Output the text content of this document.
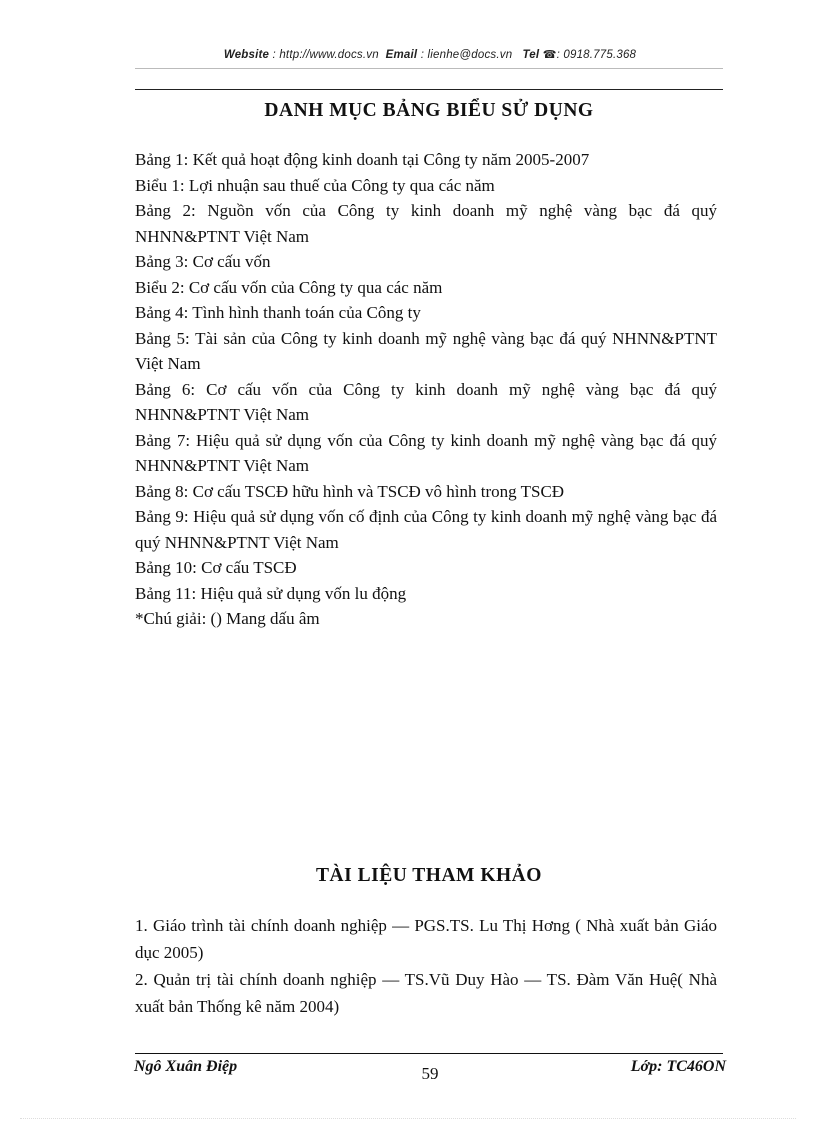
Website : http://www.docs.vn Email : lienhe@docs.vn Tel ☎: 0918.775.368
DANH MỤC BẢNG BIỂU SỬ DỤNG

Bảng 1: Kết quả hoạt động kinh doanh tại Công ty năm 2005-2007

Biểu 1: Lợi nhuận sau thuế của Công ty qua các năm

Bảng 2: Nguồn vốn của Công ty kinh doanh mỹ nghệ vàng bạc đá quý NHNN&PTNT Việt Nam

Bảng 3: Cơ cấu vốn

Biểu 2: Cơ cấu vốn của Công ty qua các năm

Bảng 4: Tình hình thanh toán của Công ty

Bảng 5: Tài sản của Công ty kinh doanh mỹ nghệ vàng bạc đá quý NHNN&PTNT Việt Nam

Bảng 6: Cơ cấu vốn của Công ty kinh doanh mỹ nghệ vàng bạc đá quý NHNN&PTNT Việt Nam

Bảng 7: Hiệu quả sử dụng vốn của Công ty kinh doanh mỹ nghệ vàng bạc đá quý NHNN&PTNT Việt Nam

Bảng 8: Cơ cấu TSCĐ hữu hình và TSCĐ vô hình trong TSCĐ

Bảng 9: Hiệu quả sử dụng vốn cố định của Công ty kinh doanh mỹ nghệ vàng bạc đá quý NHNN&PTNT Việt Nam

Bảng 10: Cơ cấu TSCĐ

Bảng 11: Hiệu quả sử dụng vốn lu động

*Chú giải: () Mang dấu âm

TÀI LIỆU THAM KHẢO

1. Giáo trình tài chính doanh nghiệp — PGS.TS. Lu Thị Hơng ( Nhà xuất bản Giáo dục 2005)

2. Quản trị tài chính doanh nghiệp — TS.Vũ Duy Hào — TS. Đàm Văn Huệ( Nhà xuất bản Thống kê năm 2004)

Ngô Xuân Điệp	59	Lớp: TC46ON
